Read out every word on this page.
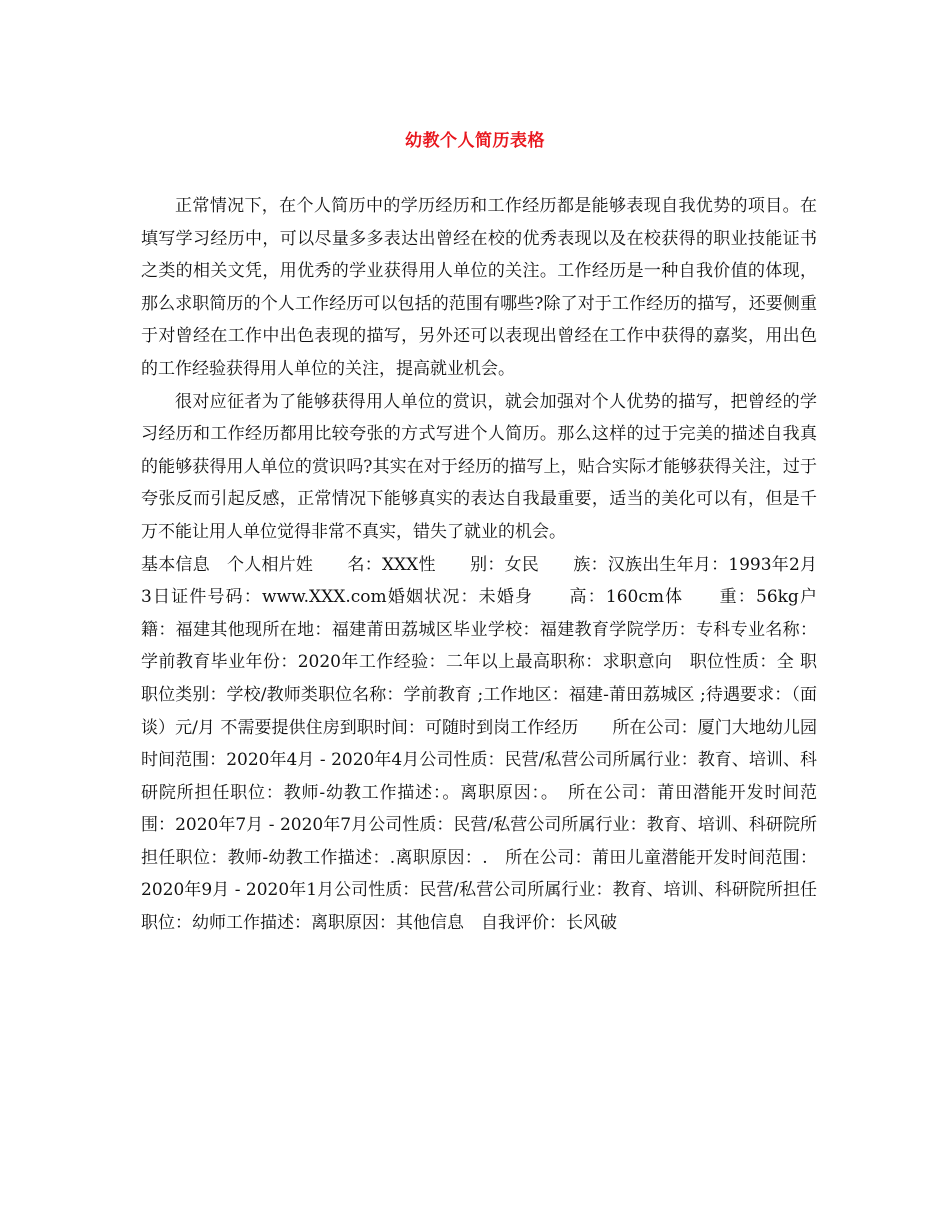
幼教个人简历表格

正常情况下，在个人简历中的学历经历和工作经历都是能够表现自我优势的项目。在填写学习经历中，可以尽量多多表达出曾经在校的优秀表现以及在校获得的职业技能证书之类的相关文凭，用优秀的学业获得用人单位的关注。工作经历是一种自我价值的体现，那么求职简历的个人工作经历可以包括的范围有哪些?除了对于工作经历的描写，还要侧重于对曾经在工作中出色表现的描写，另外还可以表现出曾经在工作中获得的嘉奖，用出色的工作经验获得用人单位的关注，提高就业机会。

很对应征者为了能够获得用人单位的赏识，就会加强对个人优势的描写，把曾经的学习经历和工作经历都用比较夸张的方式写进个人简历。那么这样的过于完美的描述自我真的能够获得用人单位的赏识吗?其实在对于经历的描写上，贴合实际才能够获得关注，过于夸张反而引起反感，正常情况下能够真实的表达自我最重要，适当的美化可以有，但是千万不能让用人单位觉得非常不真实，错失了就业的机会。

基本信息　个人相片姓　　名：XXX性　　别：女民　　族：汉族出生年月：1993年2月3日证件号码：www.XXX.com婚姻状况：未婚身　　高：160cm体　　重：56kg户　　籍：福建其他现所在地：福建莆田荔城区毕业学校：福建教育学院学历：专科专业名称：学前教育毕业年份：2020年工作经验：二年以上最高职称：求职意向　职位性质：全 职职位类别：学校/教师类职位名称：学前教育 ;工作地区：福建-莆田荔城区 ;待遇要求：（面谈）元/月 不需要提供住房到职时间：可随时到岗工作经历　　所在公司：厦门大地幼儿园时间范围：2020年4月 - 2020年4月公司性质：民营/私营公司所属行业：教育、培训、科研院所担任职位：教师-幼教工作描述：。离职原因：。　所在公司：莆田潜能开发时间范围：2020年7月 - 2020年7月公司性质：民营/私营公司所属行业：教育、培训、科研院所担任职位：教师-幼教工作描述：.离职原因：.　所在公司：莆田儿童潜能开发时间范围：2020年9月 - 2020年1月公司性质：民营/私营公司所属行业：教育、培训、科研院所担任职位：幼师工作描述：离职原因：其他信息　自我评价：长风破
